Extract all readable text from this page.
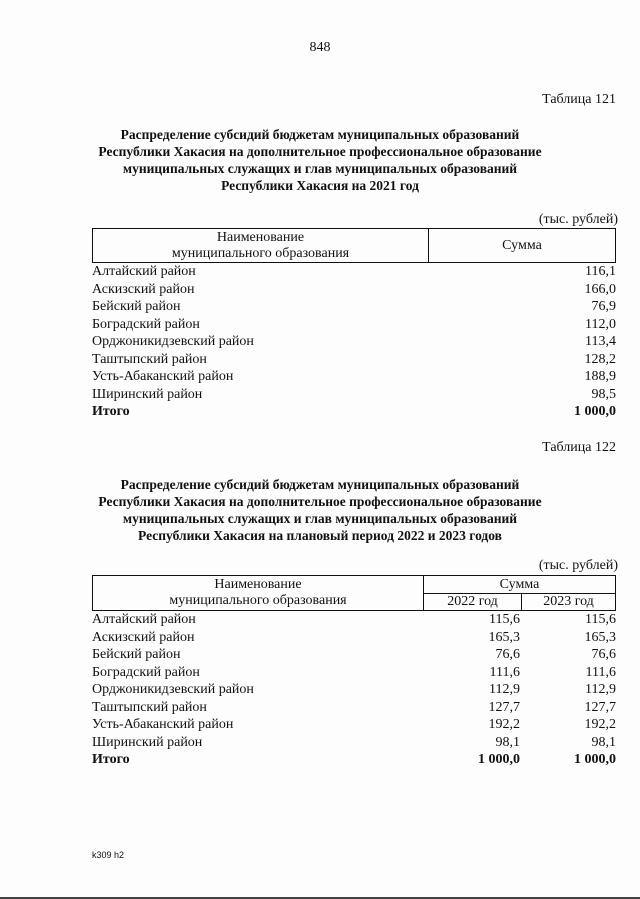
848
Таблица 121
Распределение субсидий бюджетам муниципальных образований
Республики Хакасия на дополнительное профессиональное образование
муниципальных служащих и глав муниципальных образований
Республики Хакасия на 2021 год
(тыс. рублей)
Наименование
муниципального образования
	Сумма
Алтайский район	116,1
Аскизский район	166,0
Бейский район	76,9
Боградский район	112,0
Орджоникидзевский район	113,4
Таштыпский район	128,2
Усть-Абаканский район	188,9
Ширинский район	98,5
Итого	1 000,0
Таблица 122
Распределение субсидий бюджетам муниципальных образований
Республики Хакасия на дополнительное профессиональное образование
муниципальных служащих и глав муниципальных образований
Республики Хакасия на плановый период 2022 и 2023 годов
(тыс. рублей)
Наименование
муниципального образования	Сумма	
	2022 год	2023 год
Алтайский район	115,6	115,6
Аскизский район	165,3	165,3
Бейский район	76,6	76,6
Боградский район	111,6	111,6
Орджоникидзевский район	112,9	112,9
Таштыпский район	127,7	127,7
Усть-Абаканский район	192,2	192,2
Ширинский район	98,1	98,1
Итого	1 000,0	1 000,0
k309 h2
